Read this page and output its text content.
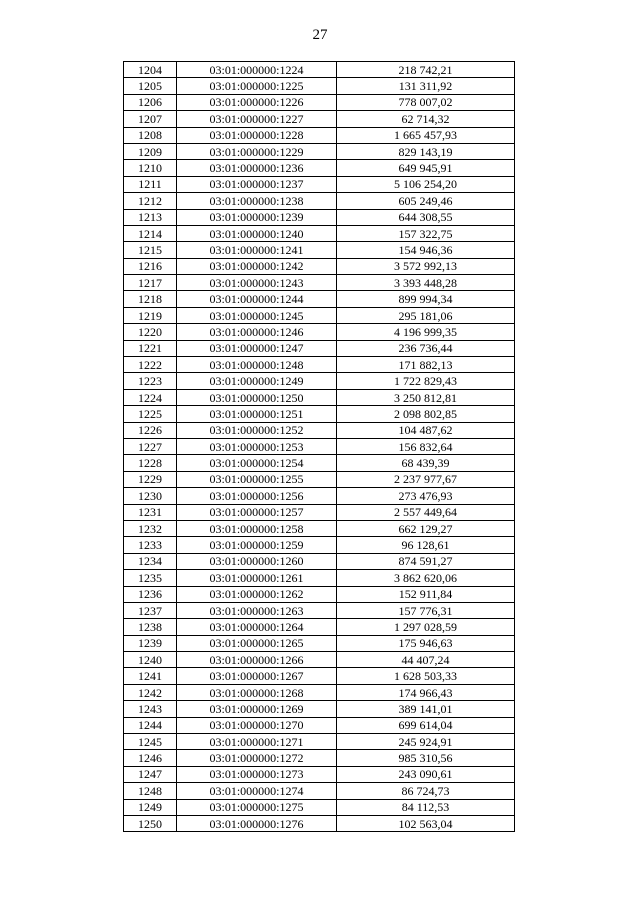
27
1204	03:01:000000:1224	218 742,21
1205	03:01:000000:1225	131 311,92
1206	03:01:000000:1226	778 007,02
1207	03:01:000000:1227	62 714,32
1208	03:01:000000:1228	1 665 457,93
1209	03:01:000000:1229	829 143,19
1210	03:01:000000:1236	649 945,91
1211	03:01:000000:1237	5 106 254,20
1212	03:01:000000:1238	605 249,46
1213	03:01:000000:1239	644 308,55
1214	03:01:000000:1240	157 322,75
1215	03:01:000000:1241	154 946,36
1216	03:01:000000:1242	3 572 992,13
1217	03:01:000000:1243	3 393 448,28
1218	03:01:000000:1244	899 994,34
1219	03:01:000000:1245	295 181,06
1220	03:01:000000:1246	4 196 999,35
1221	03:01:000000:1247	236 736,44
1222	03:01:000000:1248	171 882,13
1223	03:01:000000:1249	1 722 829,43
1224	03:01:000000:1250	3 250 812,81
1225	03:01:000000:1251	2 098 802,85
1226	03:01:000000:1252	104 487,62
1227	03:01:000000:1253	156 832,64
1228	03:01:000000:1254	68 439,39
1229	03:01:000000:1255	2 237 977,67
1230	03:01:000000:1256	273 476,93
1231	03:01:000000:1257	2 557 449,64
1232	03:01:000000:1258	662 129,27
1233	03:01:000000:1259	96 128,61
1234	03:01:000000:1260	874 591,27
1235	03:01:000000:1261	3 862 620,06
1236	03:01:000000:1262	152 911,84
1237	03:01:000000:1263	157 776,31
1238	03:01:000000:1264	1 297 028,59
1239	03:01:000000:1265	175 946,63
1240	03:01:000000:1266	44 407,24
1241	03:01:000000:1267	1 628 503,33
1242	03:01:000000:1268	174 966,43
1243	03:01:000000:1269	389 141,01
1244	03:01:000000:1270	699 614,04
1245	03:01:000000:1271	245 924,91
1246	03:01:000000:1272	985 310,56
1247	03:01:000000:1273	243 090,61
1248	03:01:000000:1274	86 724,73
1249	03:01:000000:1275	84 112,53
1250	03:01:000000:1276	102 563,04
